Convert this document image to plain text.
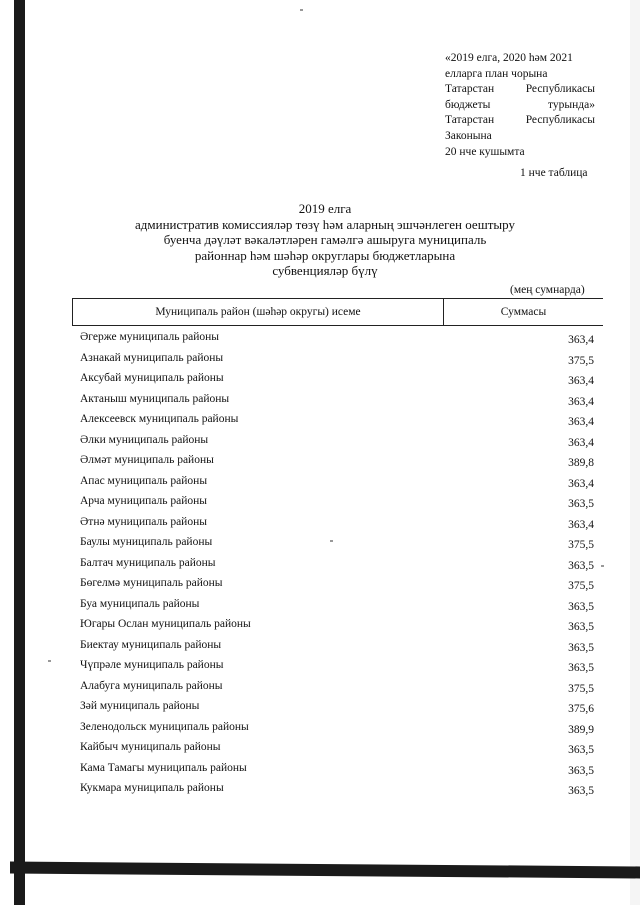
«2019 елга, 2020 һәм 2021
елларга план чорына
Татарстан	Республикасы
бюджеты	турында»
Татарстан	Республикасы
Законына
20 нче кушымта
1 нче таблица
2019 елга
административ комиссияләр төзү һәм аларның эшчәнлеген оештыру
буенча дәүләт вәкаләтләрен гамәлгә ашыруга муниципаль
районнар һәм шәһәр округлары бюджетларына
субвенцияләр бүлү
(мең сумнарда)
Муниципаль район (шәһәр округы) исеме	Суммасы
Әгерже муниципаль районы	363,4
Азнакай муниципаль районы	375,5
Аксубай муниципаль районы	363,4
Актаныш муниципаль районы	363,4
Алексеевск муниципаль районы	363,4
Әлки муниципаль районы	363,4
Әлмәт муниципаль районы	389,8
Апас муниципаль районы	363,4
Арча муниципаль районы	363,5
Әтнә муниципаль районы	363,4
Баулы муниципаль районы	375,5
Балтач муниципаль районы	363,5
Бөгелмә муниципаль районы	375,5
Буа муниципаль районы	363,5
Югары Ослан муниципаль районы	363,5
Биектау муниципаль районы	363,5
Чүпрәле муниципаль районы	363,5
Алабуга муниципаль районы	375,5
Зәй муниципаль районы	375,6
Зеленодольск муниципаль районы	389,9
Кайбыч муниципаль районы	363,5
Кама Тамагы муниципаль районы	363,5
Кукмара муниципаль районы	363,5
